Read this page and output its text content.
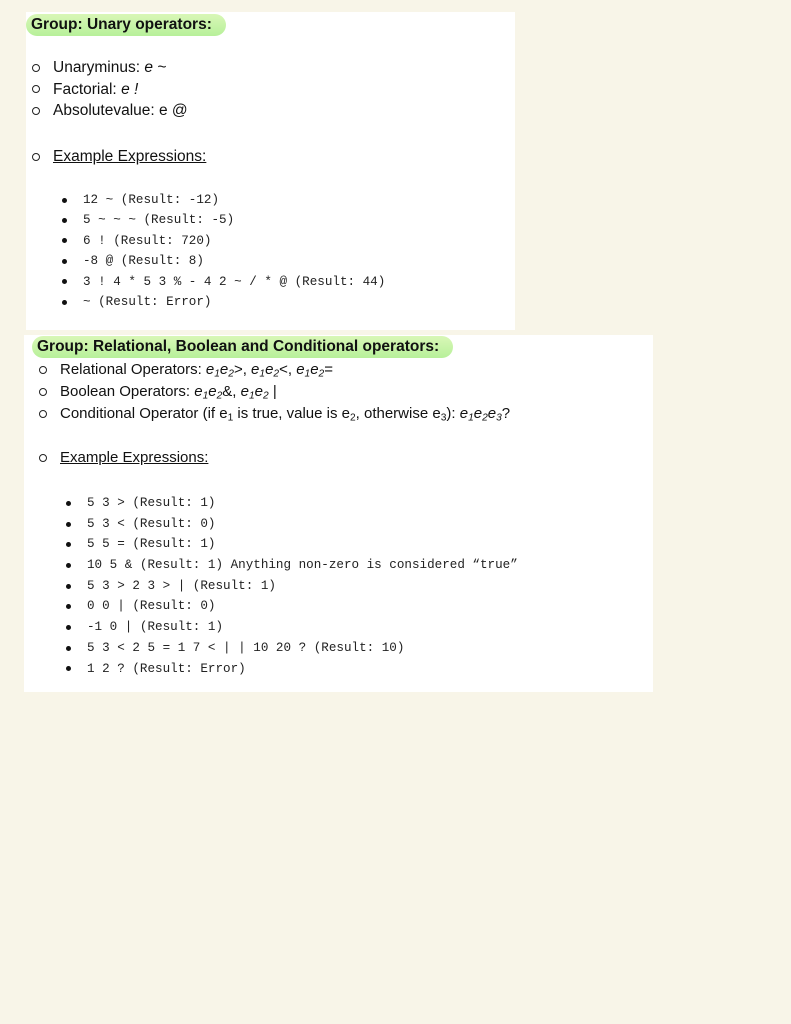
Group: Unary operators:
Unaryminus: e ~
Factorial: e !
Absolutevalue: e @
Example Expressions:
12 ~ (Result: -12)
5 ~ ~ ~ (Result: -5)
6 ! (Result: 720)
-8 @ (Result: 8)
3 ! 4 * 5 3 % - 4 2 ~ / * @ (Result: 44)
~ (Result: Error)
Group: Relational, Boolean and Conditional operators:
Relational Operators: $e_1e_2>$, $e_1e_2<$, $e_1e_2=$
Boolean Operators: $e_1e_2\&$, $e_1e_2$ |
Conditional Operator (if $e_1$ is true, value is $e_2$, otherwise $e_3$): $e_1e_2e_3$?
Example Expressions:
5 3 > (Result: 1)
5 3 < (Result: 0)
5 5 = (Result: 1)
10 5 & (Result: 1) Anything non-zero is considered “true”
5 3 > 2 3 > | (Result: 1)
0 0 | (Result: 0)
-1 0 | (Result: 1)
5 3 < 2 5 = 1 7 < | | 10 20 ? (Result: 10)
1 2 ? (Result: Error)
